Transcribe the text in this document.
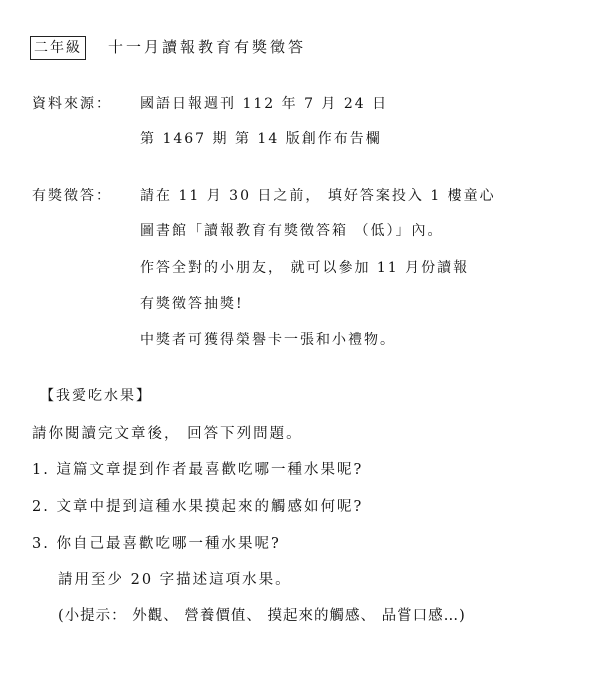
二年級 十一月讀報教育有獎徵答
資料來源： 國語日報週刊 112 年 7 月 24 日
第 1467 期 第 14 版創作布告欄
有獎徵答： 請在 11 月 30 日之前， 填好答案投入 1 樓童心
圖書館「讀報教育有獎徵答箱 （低）」內。
作答全對的小朋友， 就可以參加 11 月份讀報
有獎徵答抽獎!
中獎者可獲得榮譽卡一張和小禮物。
【我愛吃水果】
請你閱讀完文章後， 回答下列問題。
1. 這篇文章提到作者最喜歡吃哪一種水果呢?
2. 文章中提到這種水果摸起來的觸感如何呢?
3. 你自己最喜歡吃哪一種水果呢?
請用至少 20 字描述這項水果。
(小提示： 外觀、 營養價值、 摸起來的觸感、 品嘗口感…)
